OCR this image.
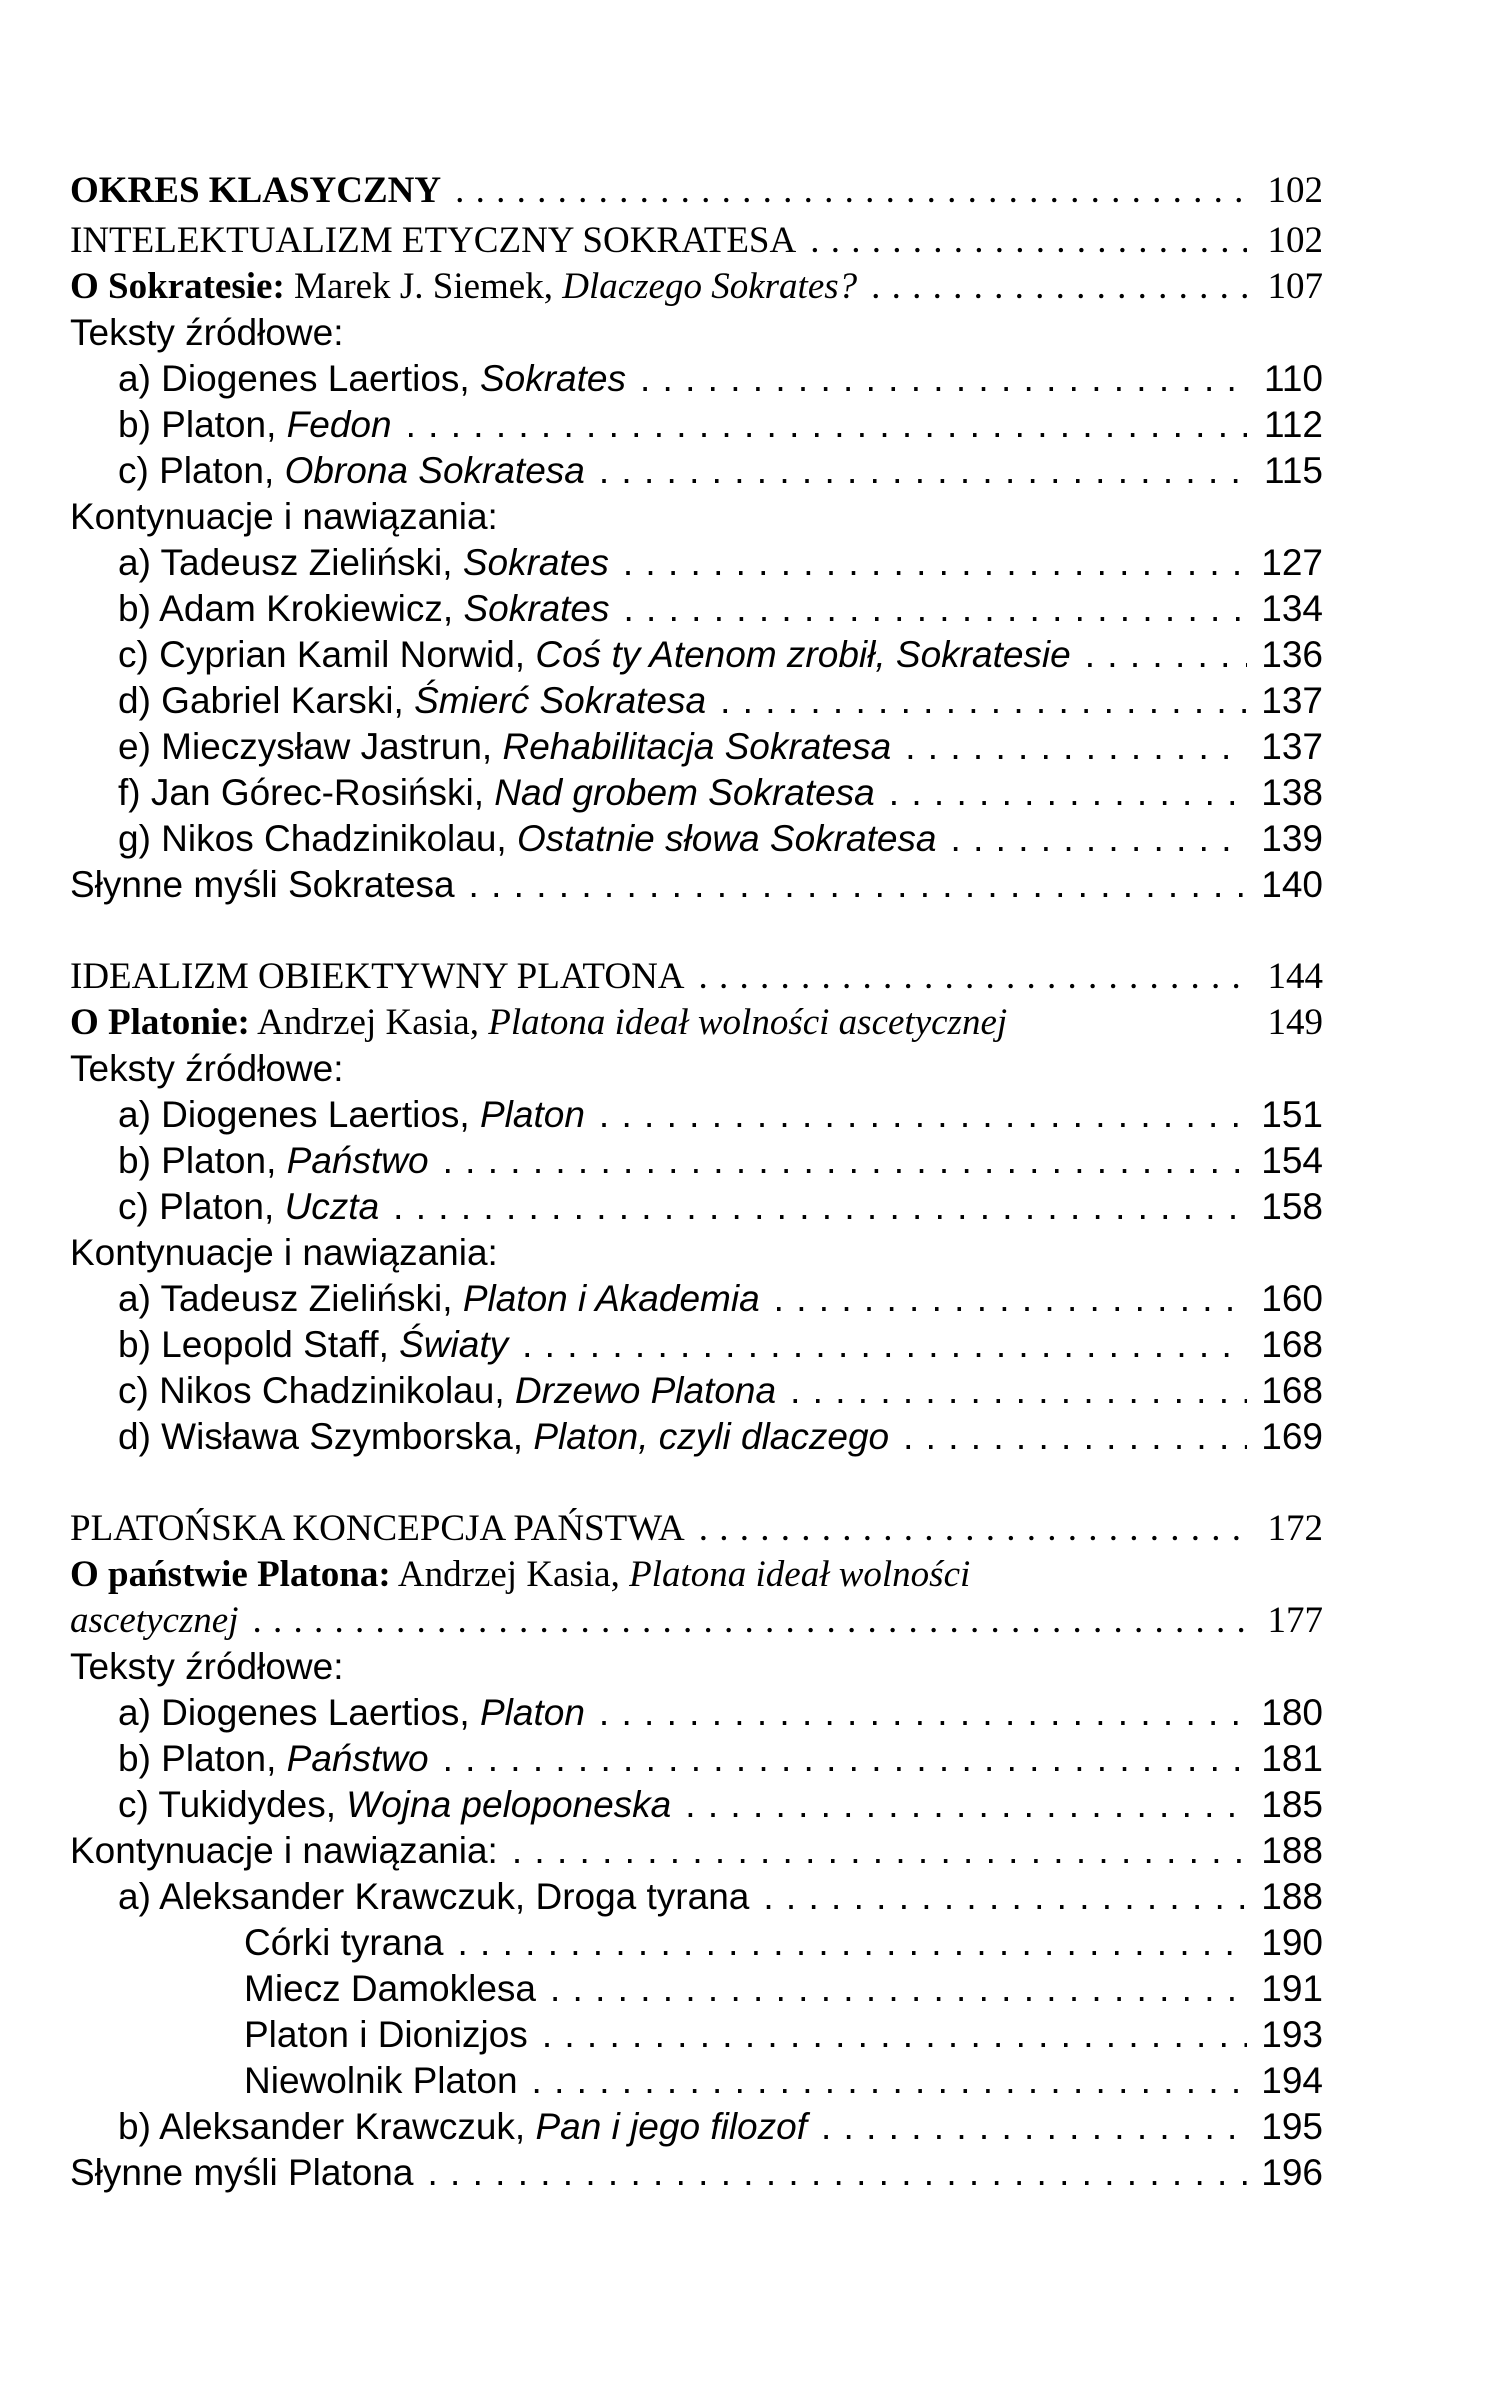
OKRES KLASYCZNY . . .	102
INTELEKTUALIZM ETYCZNY SOKRATESA . . .	102
O Sokratesie: Marek J. Siemek, Dlaczego Sokrates? . . .	107
Teksty źródłowe:
a) Diogenes Laertios, Sokrates . . .	110
b) Platon, Fedon . . .	112
c) Platon, Obrona Sokratesa . . .	115
Kontynuacje i nawiązania:
a) Tadeusz Zieliński, Sokrates . . .	127
b) Adam Krokiewicz, Sokrates . . .	134
c) Cyprian Kamil Norwid, Coś ty Atenom zrobił, Sokratesie . . .	136
d) Gabriel Karski, Śmierć Sokratesa . . .	137
e) Mieczysław Jastrun, Rehabilitacja Sokratesa . . .	137
f) Jan Górec-Rosiński, Nad grobem Sokratesa . . .	138
g) Nikos Chadzinikolau, Ostatnie słowa Sokratesa . . .	139
Słynne myśli Sokratesa . . .	140
IDEALIZM OBIEKTYWNY PLATONA . . .	144
O Platonie: Andrzej Kasia, Platona ideał wolności ascetycznej	149
Teksty źródłowe:
a) Diogenes Laertios, Platon . . .	151
b) Platon, Państwo . . .	154
c) Platon, Uczta . . .	158
Kontynuacje i nawiązania:
a) Tadeusz Zieliński, Platon i Akademia . . .	160
b) Leopold Staff, Światy . . .	168
c) Nikos Chadzinikolau, Drzewo Platona . . .	168
d) Wisława Szymborska, Platon, czyli dlaczego . . .	169
PLATOŃSKA KONCEPCJA PAŃSTWA . . .	172
O państwie Platona: Andrzej Kasia, Platona ideał wolności
ascetycznej . . .	177
Teksty źródłowe:
a) Diogenes Laertios, Platon . . .	180
b) Platon, Państwo . . .	181
c) Tukidydes, Wojna peloponeska . . .	185
Kontynuacje i nawiązania: . . .	188
a) Aleksander Krawczuk, Droga tyrana . . .	188
Córki tyrana . . .	190
Miecz Damoklesa . . .	191
Platon i Dionizjos . . .	193
Niewolnik Platon . . .	194
b) Aleksander Krawczuk, Pan i jego filozof . . .	195
Słynne myśli Platona . . .	196
